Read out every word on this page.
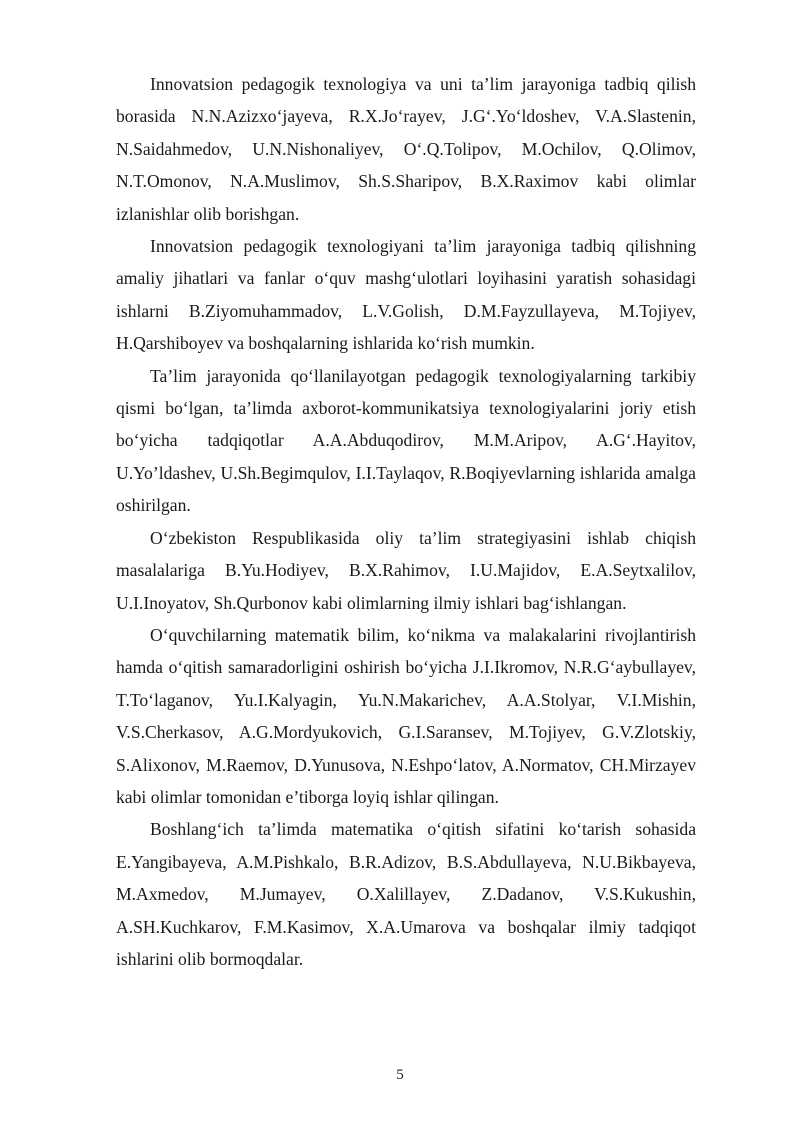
Innovatsion pedagogik texnologiya va uni ta’lim jarayoniga tadbiq qilish borasida N.N.Azizxo‘jayeva, R.X.Jo‘rayev, J.G‘.Yo‘ldoshev, V.A.Slastenin, N.Saidahmedov, U.N.Nishonaliyev, O‘.Q.Tolipov, M.Ochilov, Q.Olimov, N.T.Omonov, N.A.Muslimov, Sh.S.Sharipov, B.X.Raximov kabi olimlar izlanishlar olib borishgan.

Innovatsion pedagogik texnologiyani ta’lim jarayoniga tadbiq qilishning amaliy jihatlari va fanlar o‘quv mashg‘ulotlari loyihasini yaratish sohasidagi ishlarni B.Ziyomuhammadov, L.V.Golish, D.M.Fayzullayeva, M.Tojiyev, H.Qarshiboyev va boshqalarning ishlarida ko‘rish mumkin.

Ta’lim jarayonida qo‘llanilayotgan pedagogik texnologiyalarning tarkibiy qismi bo‘lgan, ta’limda axborot-kommunikatsiya texnologiyalarini joriy etish bo‘yicha tadqiqotlar A.A.Abduqodirov, M.M.Aripov, A.G‘.Hayitov, U.Yo’ldashev, U.Sh.Begimqulov, I.I.Taylaqov, R.Boqiyevlarning ishlarida amalga oshirilgan.

O‘zbekiston Respublikasida oliy ta’lim strategiyasini ishlab chiqish masalalariga B.Yu.Hodiyev, B.X.Rahimov, I.U.Majidov, E.A.Seytxalilov, U.I.Inoyatov, Sh.Qurbonov kabi olimlarning ilmiy ishlari bag‘ishlangan.

O‘quvchilarning matematik bilim, ko‘nikma va malakalarini rivojlantirish hamda o‘qitish samaradorligini oshirish bo‘yicha J.I.Ikromov, N.R.G‘aybullayev, T.To‘laganov, Yu.I.Kalyagin, Yu.N.Makarichev, A.A.Stolyar, V.I.Mishin, V.S.Cherkasov, A.G.Mordyukovich, G.I.Saransev, M.Tojiyev, G.V.Zlotskiy, S.Alixonov, M.Raemov, D.Yunusova, N.Eshpo‘latov, A.Normatov, CH.Mirzayev kabi olimlar tomonidan e’tiborga loyiq ishlar qilingan.

Boshlang‘ich ta’limda matematika o‘qitish sifatini ko‘tarish sohasida E.Yangibayeva, A.M.Pishkalo, B.R.Adizov, B.S.Abdullayeva, N.U.Bikbayeva, M.Axmedov, M.Jumayev, O.Xalillayev, Z.Dadanov, V.S.Kukushin, A.SH.Kuchkarov, F.M.Kasimov, X.A.Umarova va boshqalar ilmiy tadqiqot ishlarini olib bormoqdalar.

5
